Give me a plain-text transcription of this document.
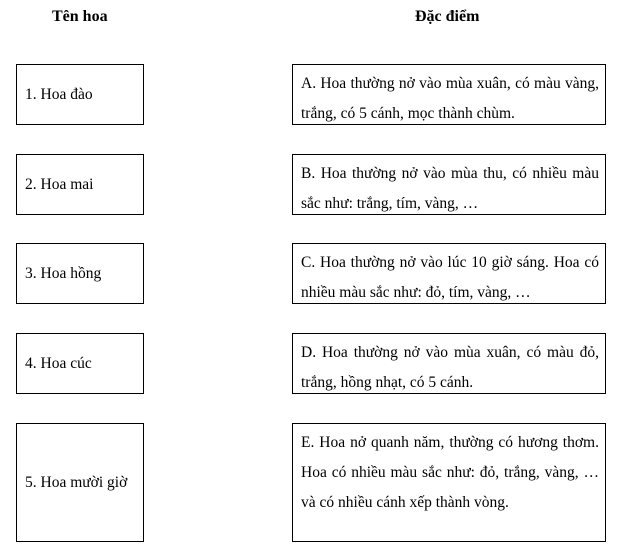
Tên hoa	Đặc điểm
1. Hoa đào
2. Hoa mai
3. Hoa hồng
4. Hoa cúc
5. Hoa mười giờ
A. Hoa thường nở vào mùa xuân, có màu vàng, trắng, có 5 cánh, mọc thành chùm.
B. Hoa thường nở vào mùa thu, có nhiều màu sắc như: trắng, tím, vàng, …
C. Hoa thường nở vào lúc 10 giờ sáng. Hoa có nhiều màu sắc như: đỏ, tím, vàng, …
D. Hoa thường nở vào mùa xuân, có màu đỏ, trắng, hồng nhạt, có 5 cánh.
E. Hoa nở quanh năm, thường có hương thơm. Hoa có nhiều màu sắc như: đỏ, trắng, vàng, … và có nhiều cánh xếp thành vòng.
